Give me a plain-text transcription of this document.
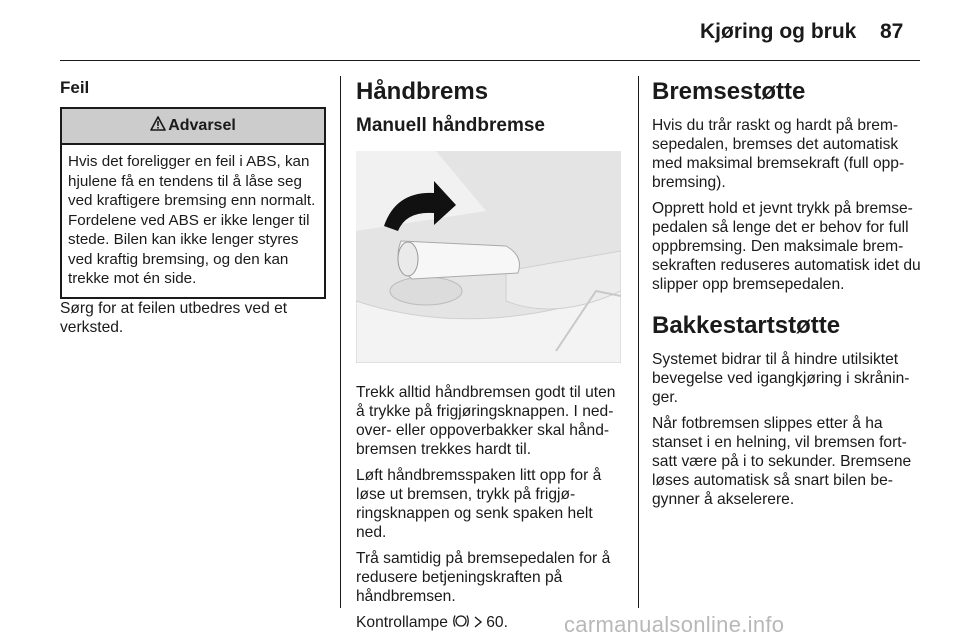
Kjøring og bruk 87
Feil
Advarsel
Hvis det foreligger en feil i ABS, kan hjulene få en tendens til å låse seg ved kraftigere bremsing enn normalt. Fordelene ved ABS er ikke lenger til stede. Bilen kan ikke lenger styres ved kraftig bremsing, og den kan trekke mot én side.

Sørg for at feilen utbedres ved et verksted.

Håndbrems
Manuell håndbremse

Trekk alltid håndbremsen godt til uten å trykke på frigjøringsknappen. I ned-over- eller oppoverbakker skal hånd-bremsen trekkes hardt til.

Løft håndbremsspaken litt opp for å løse ut bremsen, trykk på frigjø-ringsknappen og senk spaken helt ned.

Trå samtidig på bremsepedalen for å redusere betjeningskraften på håndbremsen.

Kontrollampe 60.

Bremsestøtte

Hvis du trår raskt og hardt på brem-sepedalen, bremses det automatisk med maksimal bremsekraft (full opp-bremsing).

Opprett hold et jevnt trykk på bremse-pedalen så lenge det er behov for full oppbremsing. Den maksimale brem-sekraften reduseres automatisk idet du slipper opp bremsepedalen.

Bakkestartstøtte

Systemet bidrar til å hindre utilsiktet bevegelse ved igangkjøring i skrånin-ger.

Når fotbremsen slippes etter å ha stanset i en helning, vil bremsen fort-satt være på i to sekunder. Bremsene løses automatisk så snart bilen be-gynner å akselerere.

carmanualsonline.info
